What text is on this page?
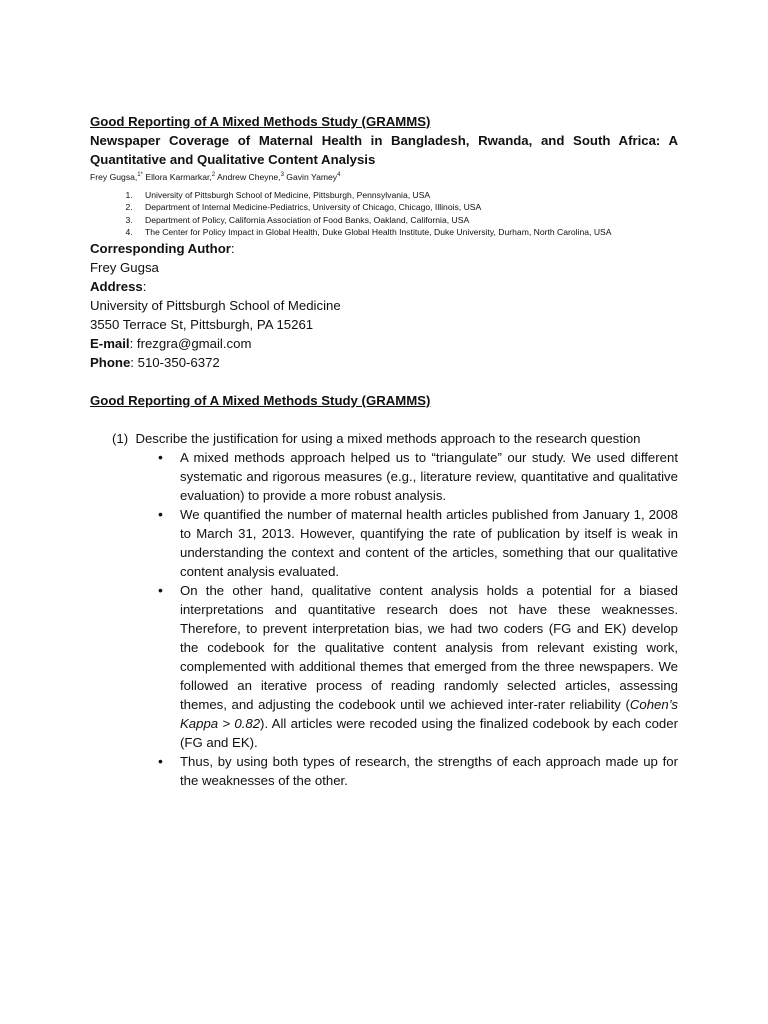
Good Reporting of A Mixed Methods Study (GRAMMS)

Newspaper Coverage of Maternal Health in Bangladesh, Rwanda, and South Africa: A Quantitative and Qualitative Content Analysis

Frey Gugsa,$^{1*}$ Ellora Karmarkar,$^2$ Andrew Cheyne,$^3$ Gavin Yamey$^4$

1. University of Pittsburgh School of Medicine, Pittsburgh, Pennsylvania, USA
2. Department of Internal Medicine-Pediatrics, University of Chicago, Chicago, Illinois, USA
3. Department of Policy, California Association of Food Banks, Oakland, California, USA
4. The Center for Policy Impact in Global Health, Duke Global Health Institute, Duke University, Durham, North Carolina, USA
Corresponding Author:
Frey Gugsa
Address:
University of Pittsburgh School of Medicine
3550 Terrace St, Pittsburgh, PA 15261
E-mail: frezgra@gmail.com
Phone: 510-350-6372
Good Reporting of A Mixed Methods Study (GRAMMS)
(1) Describe the justification for using a mixed methods approach to the research question
• A mixed methods approach helped us to “triangulate” our study. We used different systematic and rigorous measures (e.g., literature review, quantitative and qualitative evaluation) to provide a more robust analysis.
• We quantified the number of maternal health articles published from January 1, 2008 to March 31, 2013. However, quantifying the rate of publication by itself is weak in understanding the context and content of the articles, something that our qualitative content analysis evaluated.
• On the other hand, qualitative content analysis holds a potential for a biased interpretations and quantitative research does not have these weaknesses. Therefore, to prevent interpretation bias, we had two coders (FG and EK) develop the codebook for the qualitative content analysis from relevant existing work, complemented with additional themes that emerged from the three newspapers. We followed an iterative process of reading randomly selected articles, assessing themes, and adjusting the codebook until we achieved inter-rater reliability (Cohen’s Kappa > 0.82). All articles were recoded using the finalized codebook by each coder (FG and EK).
• Thus, by using both types of research, the strengths of each approach made up for the weaknesses of the other.
